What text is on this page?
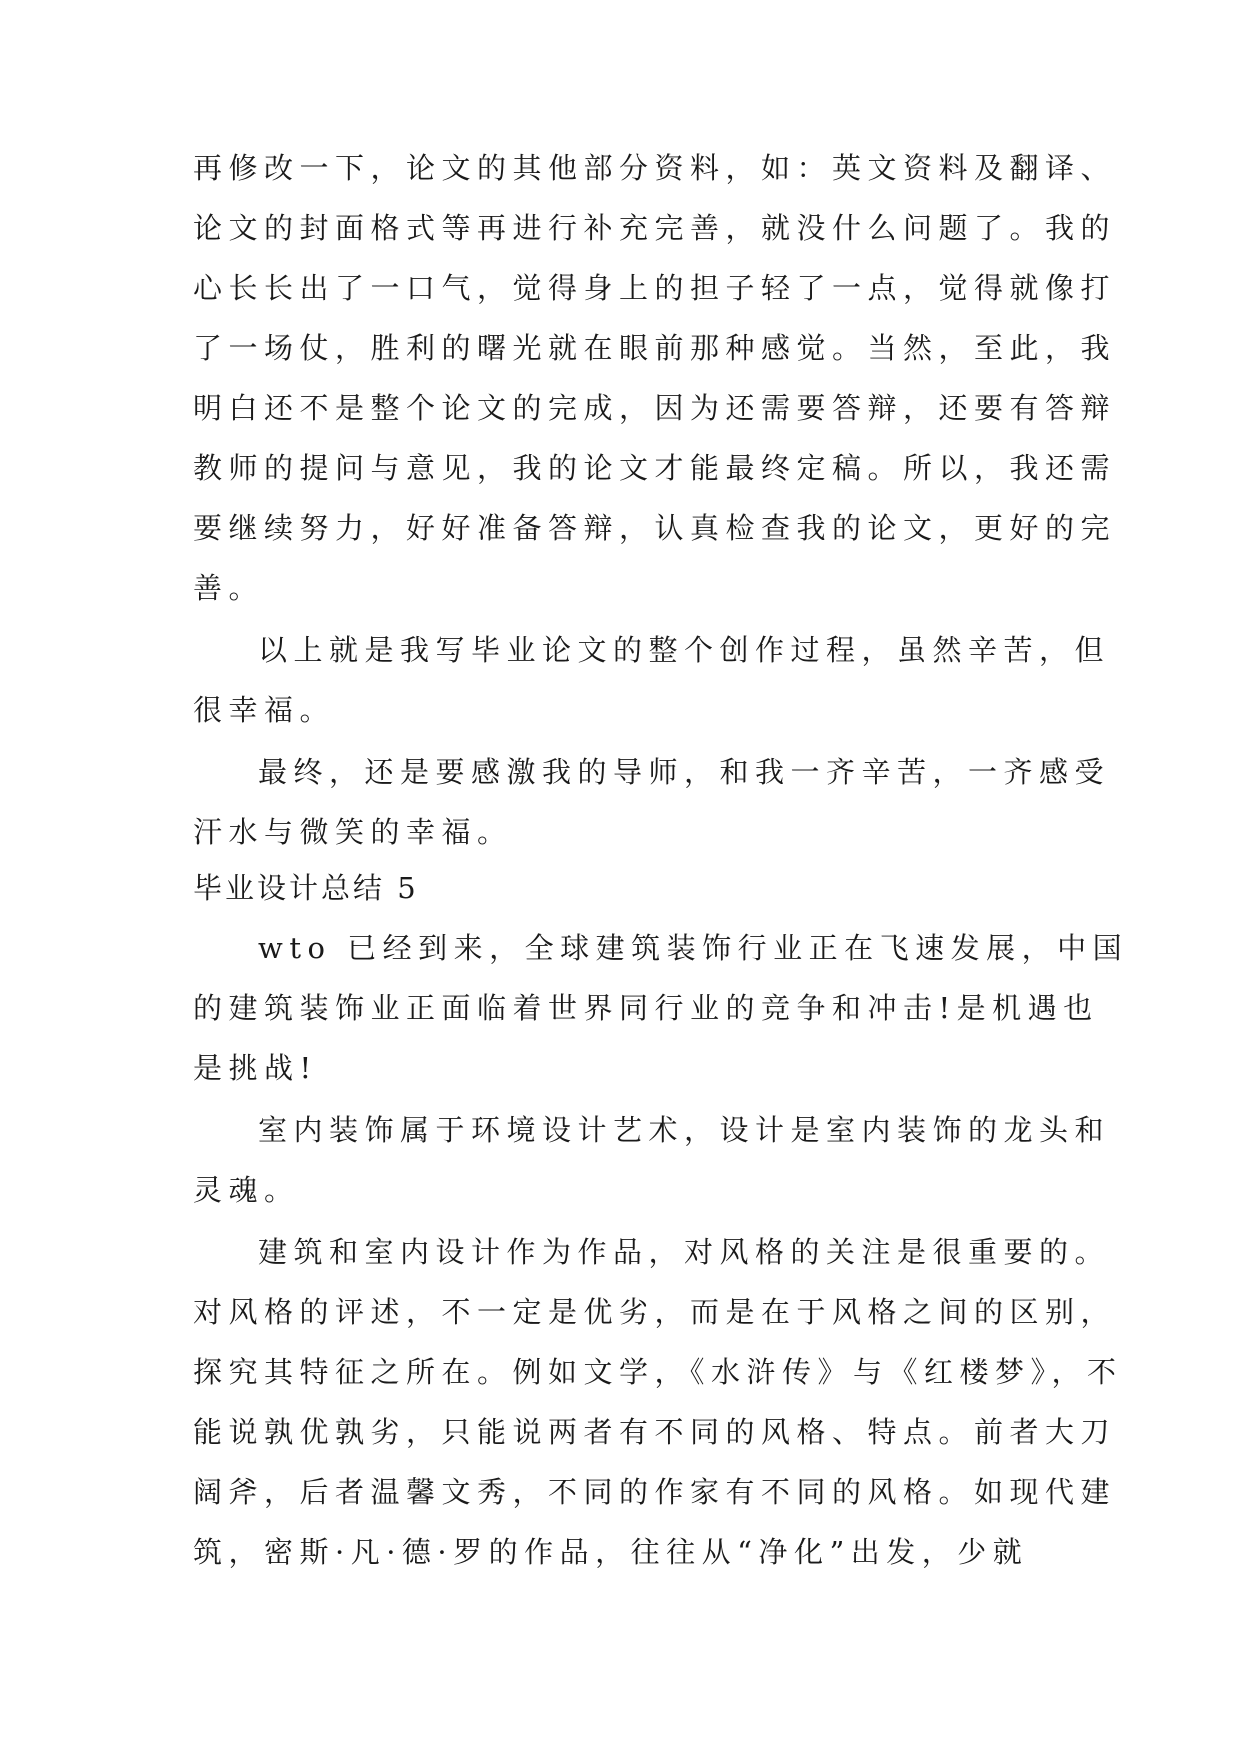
再修改一下，论文的其他部分资料，如：英文资料及翻译、
论文的封面格式等再进行补充完善，就没什么问题了。我的
心长长出了一口气，觉得身上的担子轻了一点，觉得就像打
了一场仗，胜利的曙光就在眼前那种感觉。当然，至此，我
明白还不是整个论文的完成，因为还需要答辩，还要有答辩
教师的提问与意见，我的论文才能最终定稿。所以，我还需
要继续努力，好好准备答辩，认真检查我的论文，更好的完
善。
以上就是我写毕业论文的整个创作过程，虽然辛苦，但
很幸福。
最终，还是要感激我的导师，和我一齐辛苦，一齐感受
汗水与微笑的幸福。
毕业设计总结 5
wto 已经到来，全球建筑装饰行业正在飞速发展，中国
的建筑装饰业正面临着世界同行业的竞争和冲击!是机遇也
是挑战!
室内装饰属于环境设计艺术，设计是室内装饰的龙头和
灵魂。
建筑和室内设计作为作品，对风格的关注是很重要的。
对风格的评述，不一定是优劣，而是在于风格之间的区别，
探究其特征之所在。例如文学，《水浒传》与《红楼梦》，不
能说孰优孰劣，只能说两者有不同的风格、特点。前者大刀
阔斧，后者温馨文秀，不同的作家有不同的风格。如现代建
筑，密斯·凡·德·罗的作品，往往从“净化”出发，少就
